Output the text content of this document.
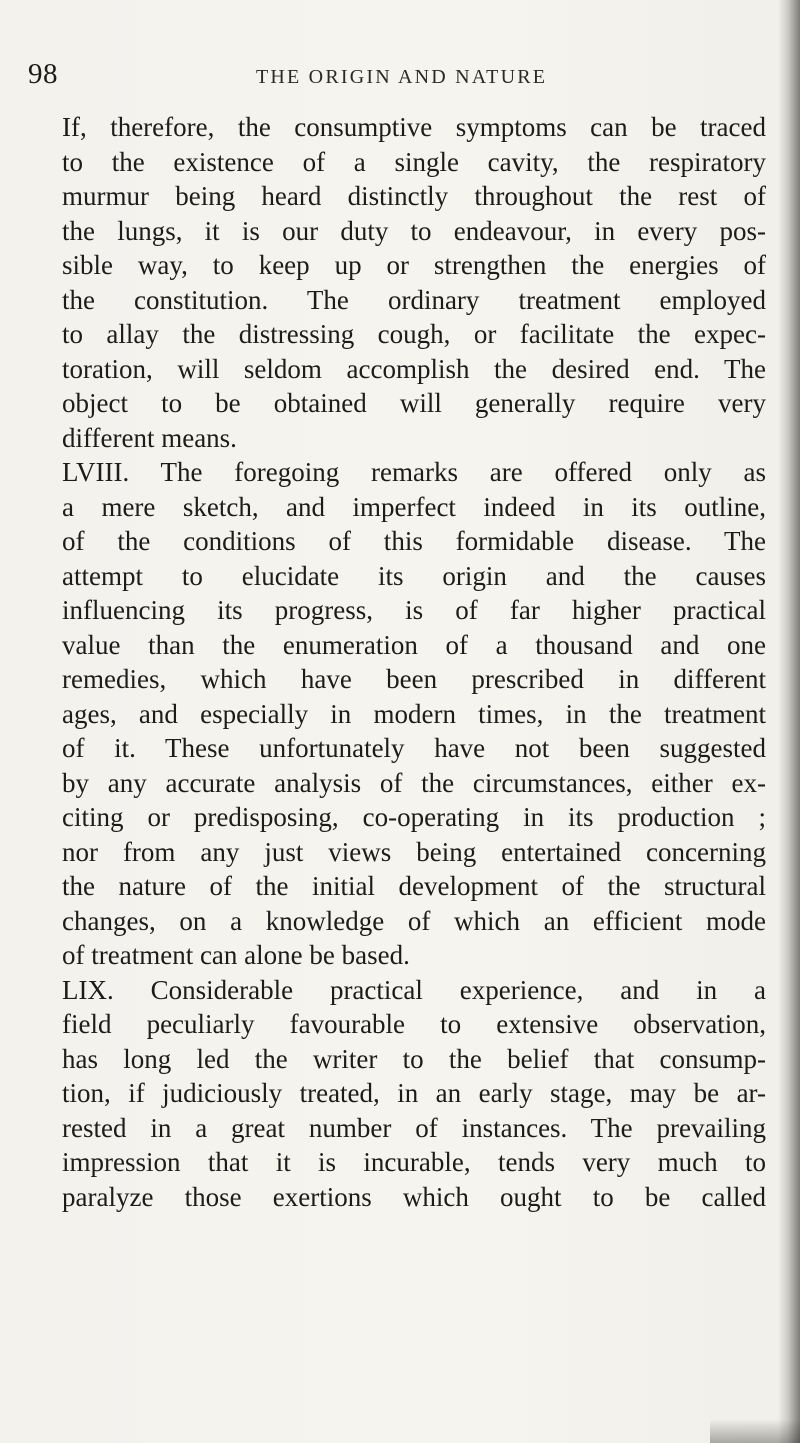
98	THE ORIGIN AND NATURE
If, therefore, the consumptive symptoms can be traced
to the existence of a single cavity, the respiratory
murmur being heard distinctly throughout the rest of
the lungs, it is our duty to endeavour, in every pos-
sible way, to keep up or strengthen the energies of
the constitution. The ordinary treatment employed
to allay the distressing cough, or facilitate the expec-
toration, will seldom accomplish the desired end. The
object to be obtained will generally require very
different means.
LVIII. The foregoing remarks are offered only as
a mere sketch, and imperfect indeed in its outline,
of the conditions of this formidable disease. The
attempt to elucidate its origin and the causes
influencing its progress, is of far higher practical
value than the enumeration of a thousand and one
remedies, which have been prescribed in different
ages, and especially in modern times, in the treatment
of it. These unfortunately have not been suggested
by any accurate analysis of the circumstances, either ex-
citing or predisposing, co-operating in its production ;
nor from any just views being entertained concerning
the nature of the initial development of the structural
changes, on a knowledge of which an efficient mode
of treatment can alone be based.
LIX. Considerable practical experience, and in a
field peculiarly favourable to extensive observation,
has long led the writer to the belief that consump-
tion, if judiciously treated, in an early stage, may be ar-
rested in a great number of instances. The prevailing
impression that it is incurable, tends very much to
paralyze those exertions which ought to be called
